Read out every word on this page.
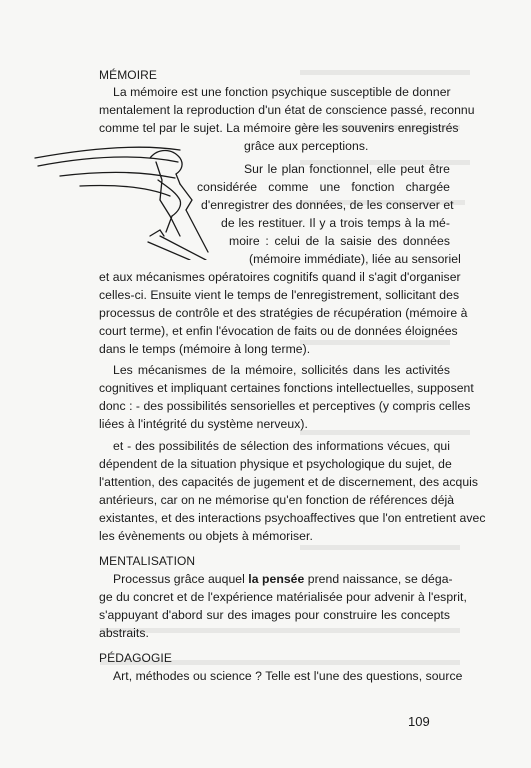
MÉMOIRE
La mémoire est une fonction psychique susceptible de donner
mentalement la reproduction d'un état de conscience passé, reconnu
comme tel par le sujet. La mémoire gère les souvenirs enregistrés
grâce aux perceptions.
Sur le plan fonctionnel, elle peut être
considérée comme une fonction chargée
d'enregistrer des données, de les conserver et
de les restituer. Il y a trois temps à la mé-
moire : celui de la saisie des données
(mémoire immédiate), liée au sensoriel
et aux mécanismes opératoires cognitifs quand il s'agit d'organiser
celles-ci. Ensuite vient le temps de l'enregistrement, sollicitant des
processus de contrôle et des stratégies de récupération (mémoire à
court terme), et enfin l'évocation de faits ou de données éloignées
dans le temps (mémoire à long terme).
Les mécanismes de la mémoire, sollicités dans les activités
cognitives et impliquant certaines fonctions intellectuelles, supposent
donc : - des possibilités sensorielles et perceptives (y compris celles
liées à l'intégrité du système nerveux).
et - des possibilités de sélection des informations vécues, qui
dépendent de la situation physique et psychologique du sujet, de
l'attention, des capacités de jugement et de discernement, des acquis
antérieurs, car on ne mémorise qu'en fonction de références déjà
existantes, et des interactions psychoaffectives que l'on entretient avec
les évènements ou objets à mémoriser.
MENTALISATION
Processus grâce auquel la pensée prend naissance, se déga-
ge du concret et de l'expérience matérialisée pour advenir à l'esprit,
s'appuyant d'abord sur des images pour construire les concepts
abstraits.
PÉDAGOGIE
Art, méthodes ou science ? Telle est l'une des questions, source
109
